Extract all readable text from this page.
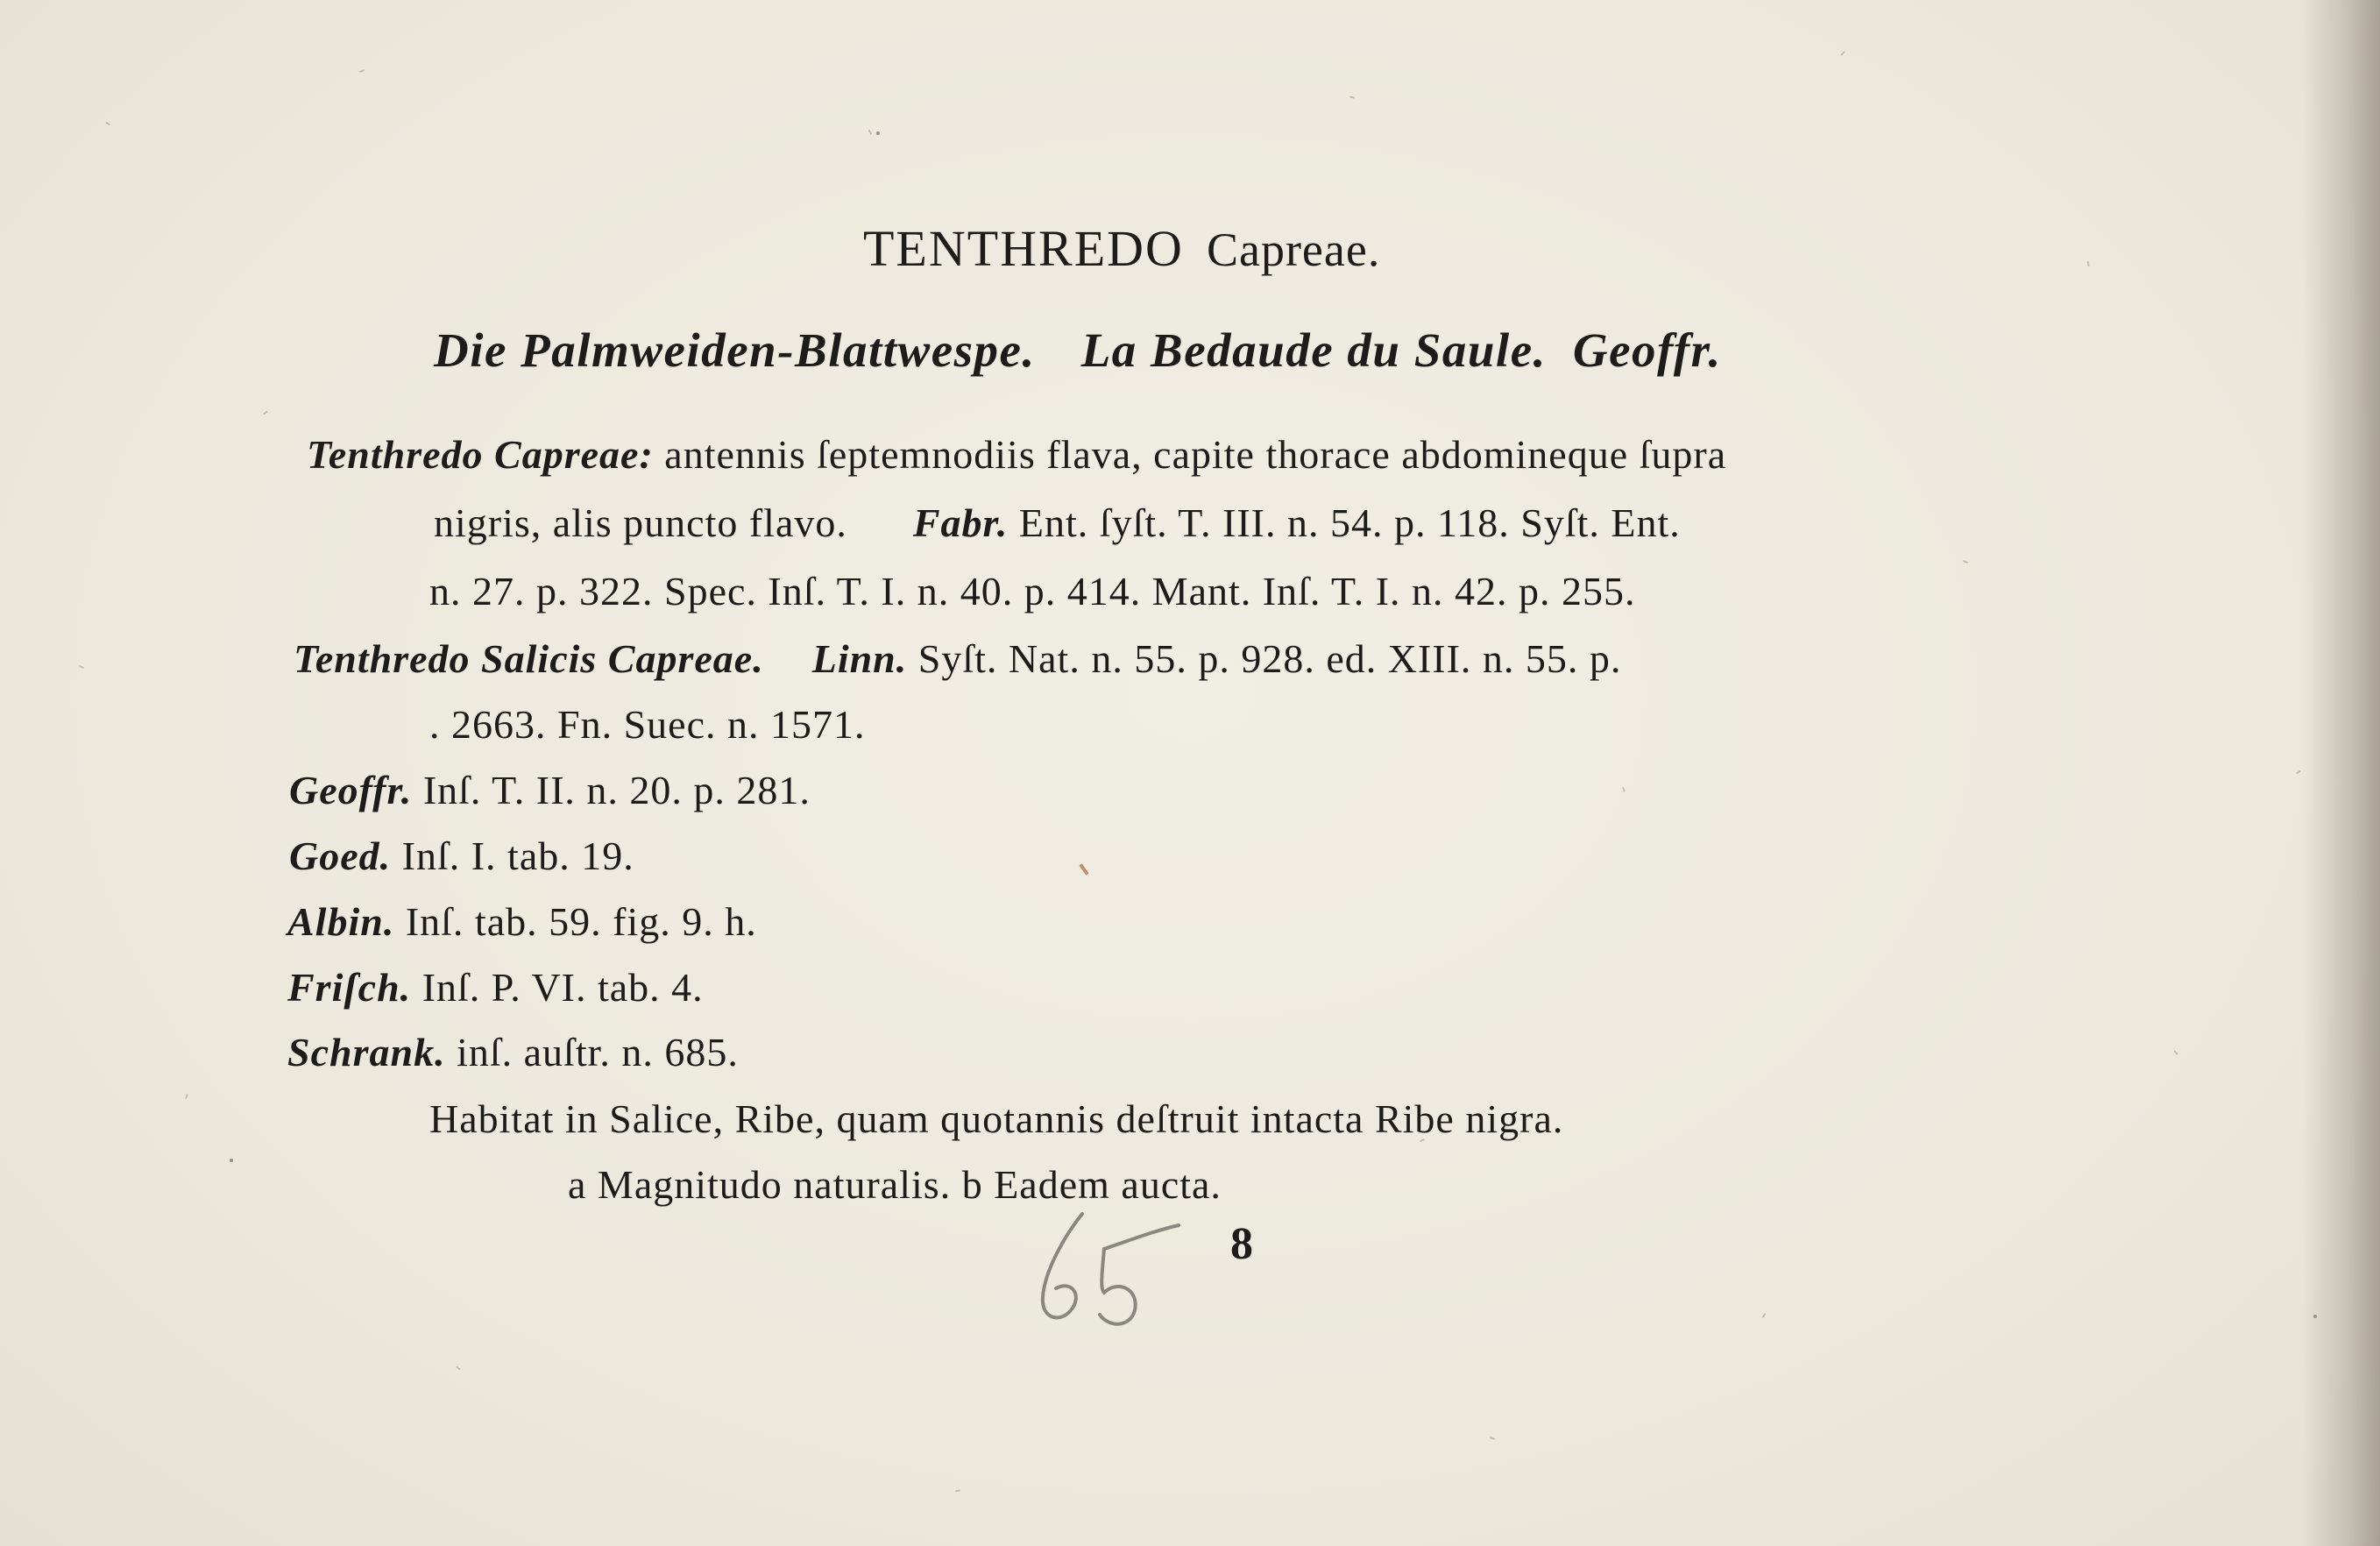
TENTHREDO Capreae.
Die Palmweiden-Blattwespe. La Bedaude du Saule. Geoffr.
Tenthredo Capreae: antennis ſeptemnodiis flava, capite thorace abdomineque ſupra
nigris, alis puncto flavo. Fabr. Ent. ſyſt. T. III. n. 54. p. 118. Syſt. Ent.
n. 27. p. 322. Spec. Inſ. T. I. n. 40. p. 414. Mant. Inſ. T. I. n. 42. p. 255.
Tenthredo Salicis Capreae. Linn. Syſt. Nat. n. 55. p. 928. ed. XIII. n. 55. p.
. 2663. Fn. Suec. n. 1571.
Geoffr. Inſ. T. II. n. 20. p. 281.
Goed. Inſ. I. tab. 19.
Albin. Inſ. tab. 59. fig. 9. h.
Friſch. Inſ. P. VI. tab. 4.
Schrank. inſ. auſtr. n. 685.
Habitat in Salice, Ribe, quam quotannis deſtruit intacta Ribe nigra.
a Magnitudo naturalis. b Eadem aucta.
8
